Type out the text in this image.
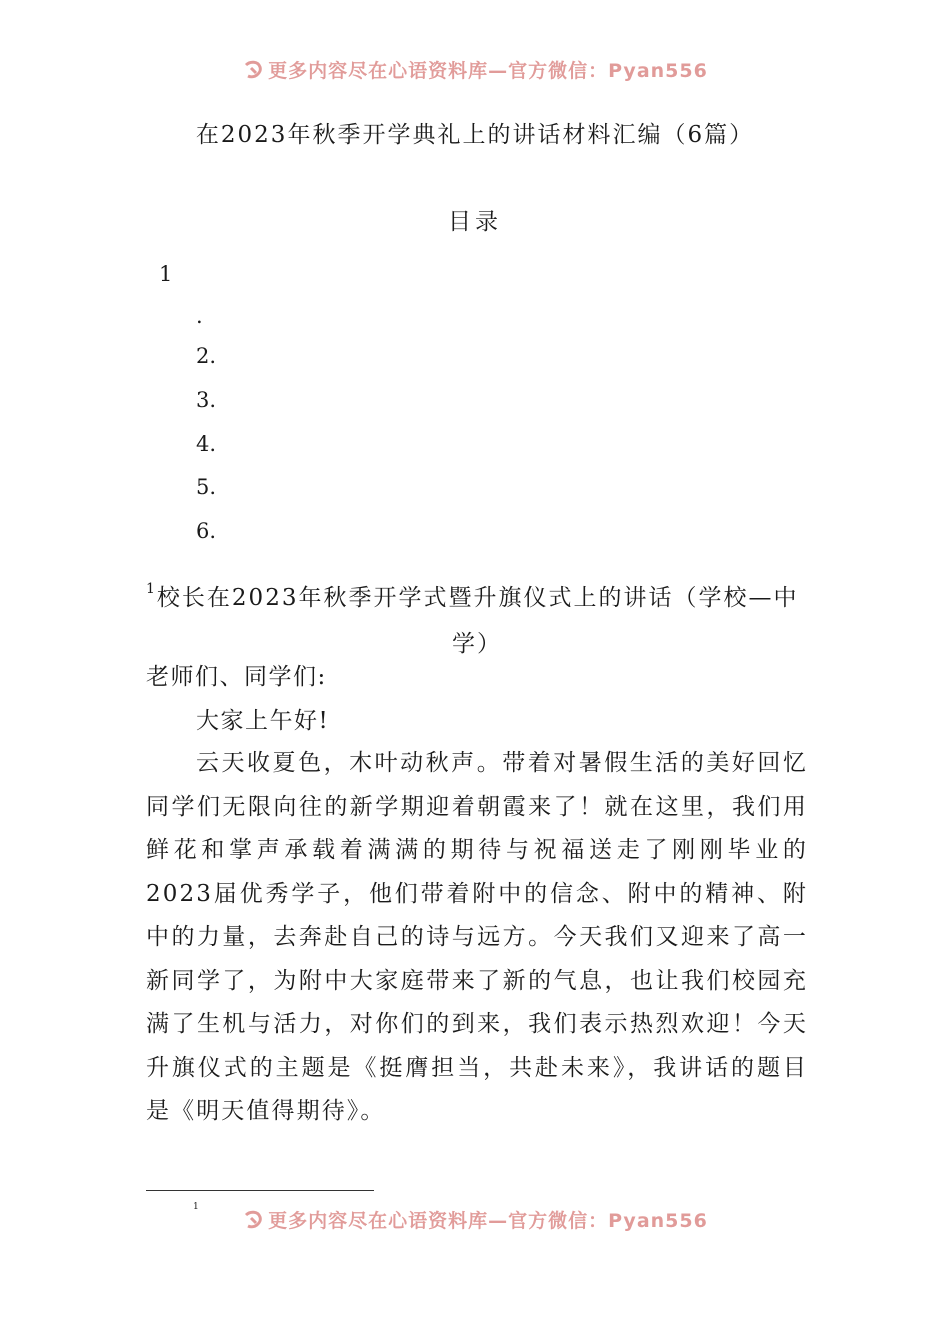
更多内容尽在心语资料库—官方微信：Pyan556
在2023年秋季开学典礼上的讲话材料汇编（6篇）
目录
1
.
2.
3.
4.
5.
6.
$^1$校长在2023年秋季开学式暨升旗仪式上的讲话（学校—中
学）
老师们、同学们:
大家上午好!
云天收夏色，木叶动秋声。带着对暑假生活的美好回忆同学们无限向往的新学期迎着朝霞来了！就在这里，我们用鲜花和掌声承载着满满的期待与祝福送走了刚刚毕业的2023届优秀学子，他们带着附中的信念、附中的精神、附中的力量，去奔赴自己的诗与远方。今天我们又迎来了高一新同学了，为附中大家庭带来了新的气息，也让我们校园充满了生机与活力，对你们的到来，我们表示热烈欢迎！今天升旗仪式的主题是《挺膺担当，共赴未来》，我讲话的题目是《明天值得期待》。
1
更多内容尽在心语资料库—官方微信：Pyan556
